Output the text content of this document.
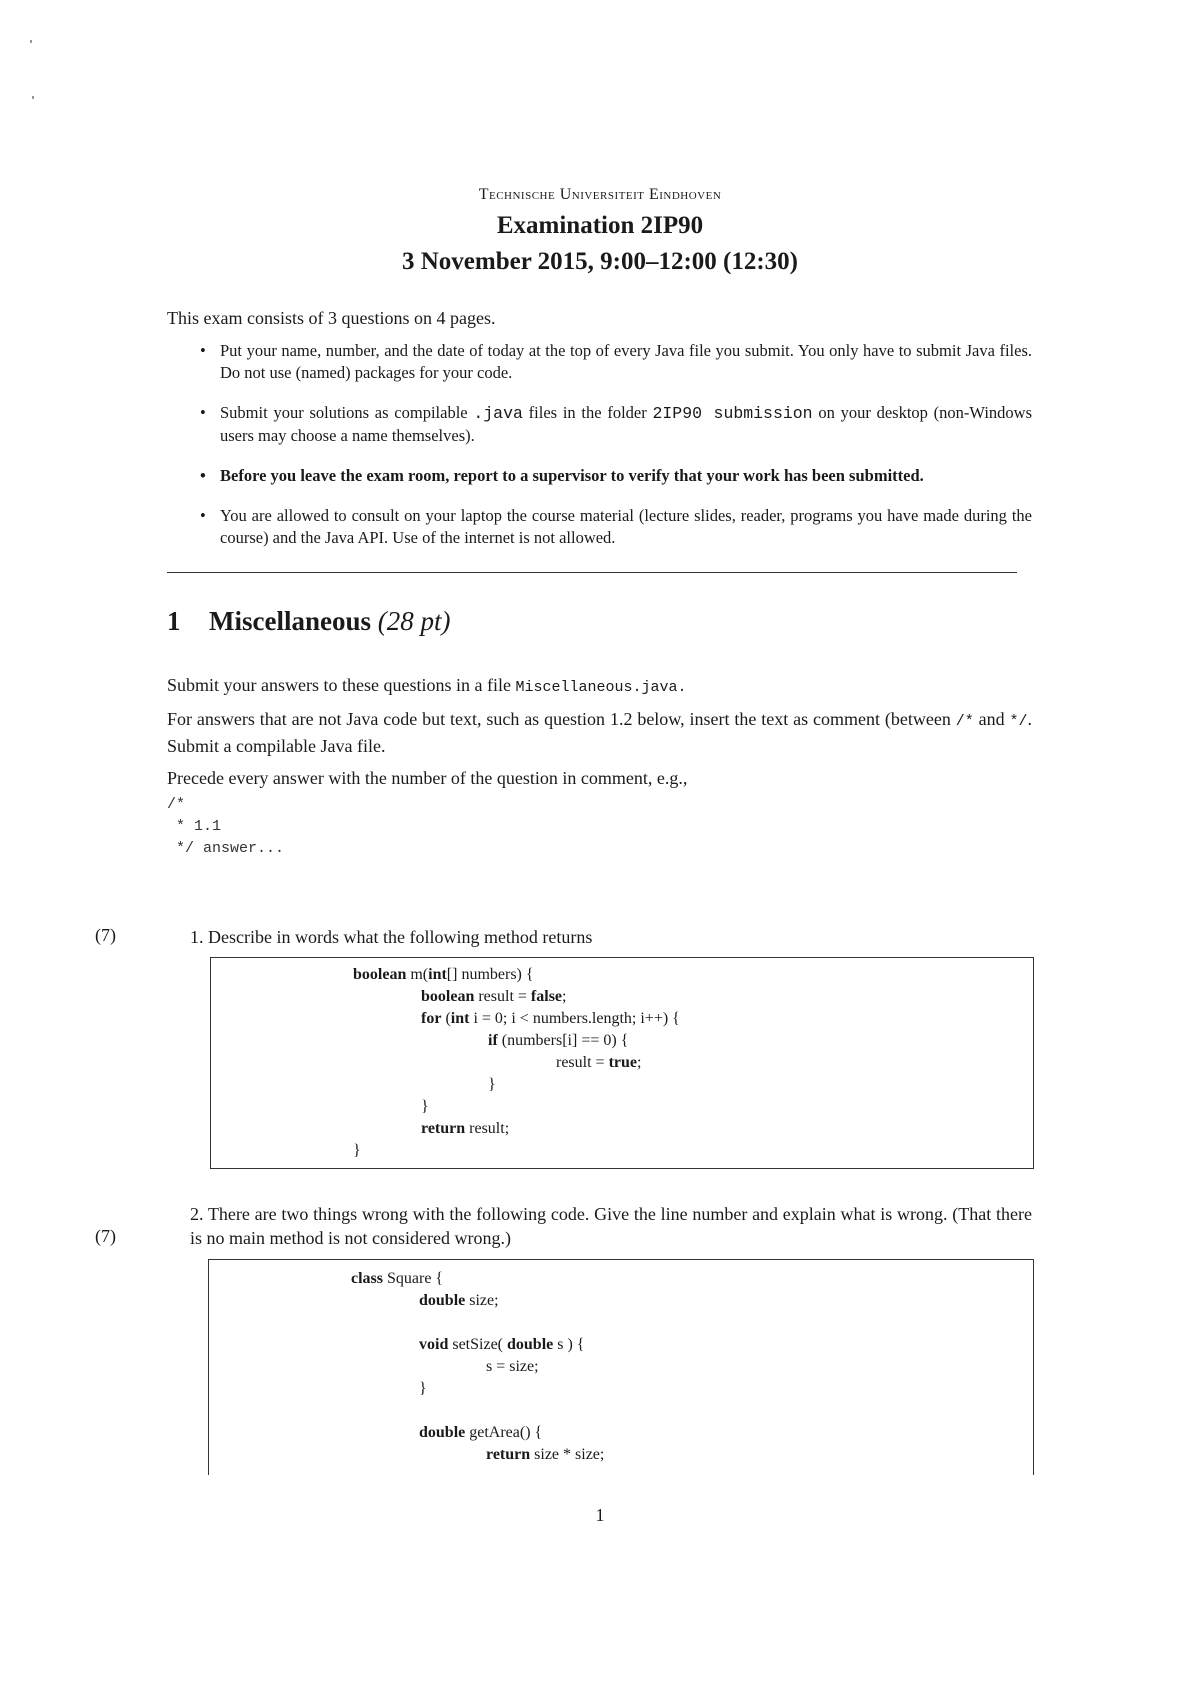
Technische Universiteit Eindhoven
Examination 2IP90
3 November 2015, 9:00–12:00 (12:30)
This exam consists of 3 questions on 4 pages.
• Put your name, number, and the date of today at the top of every Java file you submit. You only have to submit Java files. Do not use (named) packages for your code.
• Submit your solutions as compilable .java files in the folder 2IP90 submission on your desktop (non-Windows users may choose a name themselves).
• Before you leave the exam room, report to a supervisor to verify that your work has been submitted.
• You are allowed to consult on your laptop the course material (lecture slides, reader, programs you have made during the course) and the Java API. Use of the internet is not allowed.
1 Miscellaneous (28 pt)
Submit your answers to these questions in a file Miscellaneous.java.
For answers that are not Java code but text, such as question 1.2 below, insert the text as comment (between /* and */. Submit a compilable Java file.
Precede every answer with the number of the question in comment, e.g.,
/*
* 1.1
*/ answer...
(7)	1. Describe in words what the following method returns
boolean m(int[] numbers) {
boolean result = false;
for (int i = 0; i < numbers.length; i++) {
if (numbers[i] == 0) {
result = true;
}
}
return result;
}
(7)
2. There are two things wrong with the following code. Give the line number and explain what is wrong. (That there is no main method is not considered wrong.)
class Square {
double size;
void setSize( double s ) {
s = size;
}
double getArea() {
return size * size;
1
